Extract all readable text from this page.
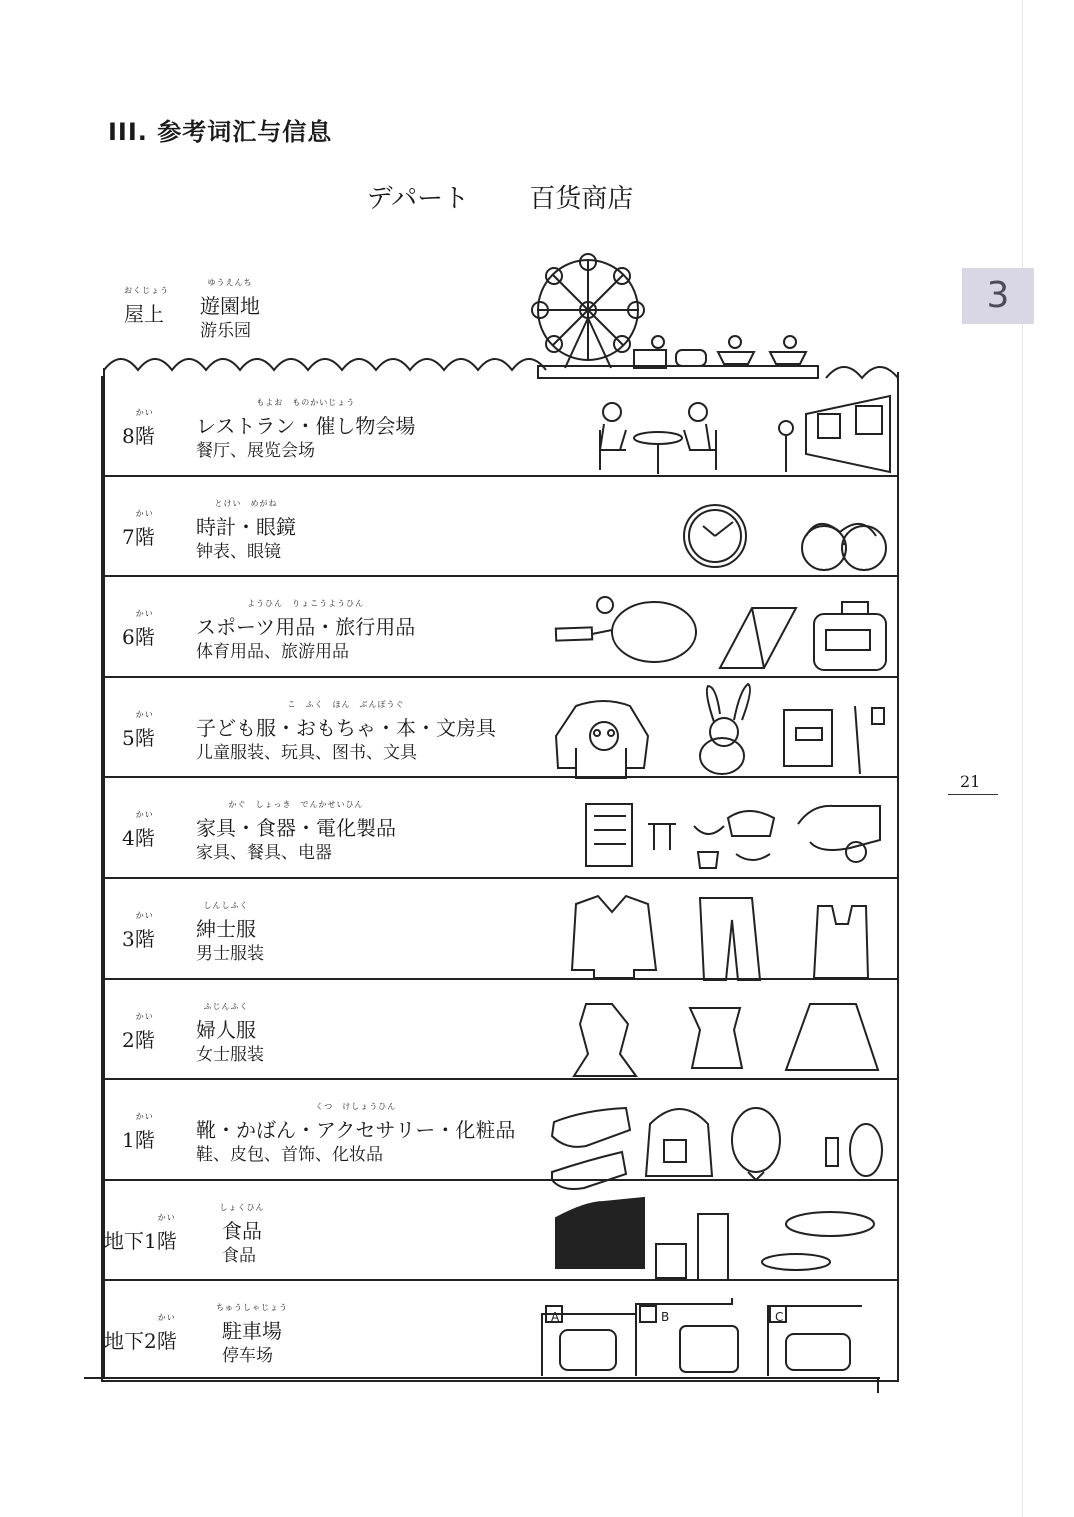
III. 参考词汇与信息
デパート 百货商店
3
21
おくじょう
屋上
ゆうえんち
遊園地
游乐园
A	B	C
8
かい
階
もよお　ものかいじょう
レストラン・催し物会場
餐厅、展览会场
7
かい
階
とけい　めがね
時計・眼鏡
钟表、眼镜
6
かい
階
ようひん　りょこうようひん
スポーツ用品・旅行用品
体育用品、旅游用品
5
かい
階
こ　ふく　ほん　ぶんぼうぐ
子ども服・おもちゃ・本・文房具
儿童服装、玩具、图书、文具
4
かい
階
かぐ　しょっき　でんかせいひん
家具・食器・電化製品
家具、餐具、电器
3
かい
階
しんしふく
紳士服
男士服装
2
かい
階
ふじんふく
婦人服
女士服装
1
かい
階
くつ　けしょうひん
靴・かばん・アクセサリー・化粧品
鞋、皮包、首饰、化妆品
地下1
かい
階
しょくひん
食品
食品
地下2
かい
階
ちゅうしゃじょう
駐車場
停车场
